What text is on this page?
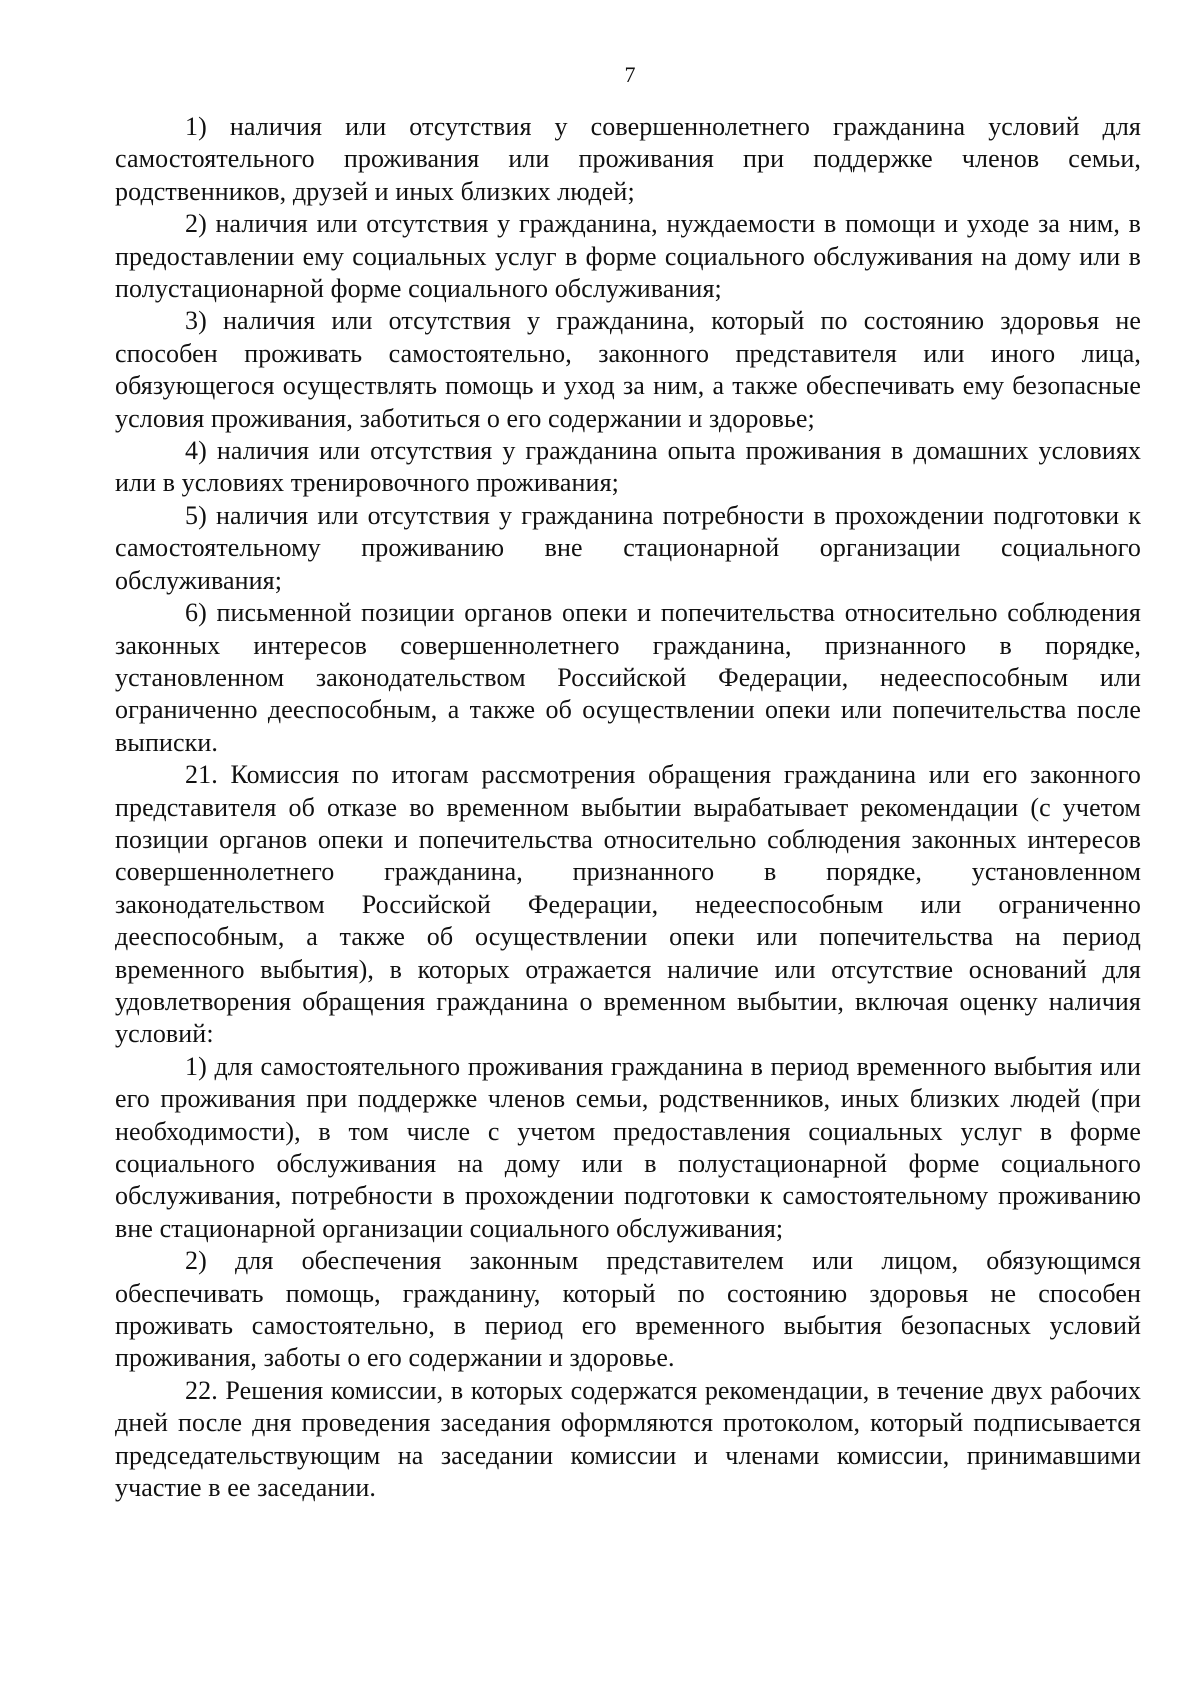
7

1) наличия или отсутствия у совершеннолетнего гражданина условий для самостоятельного проживания или проживания при поддержке членов семьи, родственников, друзей и иных близких людей;

2) наличия или отсутствия у гражданина, нуждаемости в помощи и уходе за ним, в предоставлении ему социальных услуг в форме социального обслуживания на дому или в полустационарной форме социального обслуживания;

3) наличия или отсутствия у гражданина, который по состоянию здоровья не способен проживать самостоятельно, законного представителя или иного лица, обязующегося осуществлять помощь и уход за ним, а также обеспечивать ему безопасные условия проживания, заботиться о его содержании и здоровье;

4) наличия или отсутствия у гражданина опыта проживания в домашних условиях или в условиях тренировочного проживания;

5) наличия или отсутствия у гражданина потребности в прохождении подготовки к самостоятельному проживанию вне стационарной организации социального обслуживания;

6) письменной позиции органов опеки и попечительства относительно соблюдения законных интересов совершеннолетнего гражданина, признанного в порядке, установленном законодательством Российской Федерации, недееспособным или ограниченно дееспособным, а также об осуществлении опеки или попечительства после выписки.

21. Комиссия по итогам рассмотрения обращения гражданина или его законного представителя об отказе во временном выбытии вырабатывает рекомендации (с учетом позиции органов опеки и попечительства относительно соблюдения законных интересов совершеннолетнего гражданина, признанного в порядке, установленном законодательством Российской Федерации, недееспособным или ограниченно дееспособным, а также об осуществлении опеки или попечительства на период временного выбытия), в которых отражается наличие или отсутствие оснований для удовлетворения обращения гражданина о временном выбытии, включая оценку наличия условий:

1) для самостоятельного проживания гражданина в период временного выбытия или его проживания при поддержке членов семьи, родственников, иных близких людей (при необходимости), в том числе с учетом предоставления социальных услуг в форме социального обслуживания на дому или в полустационарной форме социального обслуживания, потребности в прохождении подготовки к самостоятельному проживанию вне стационарной организации социального обслуживания;

2) для обеспечения законным представителем или лицом, обязующимся обеспечивать помощь, гражданину, который по состоянию здоровья не способен проживать самостоятельно, в период его временного выбытия безопасных условий проживания, заботы о его содержании и здоровье.

22. Решения комиссии, в которых содержатся рекомендации, в течение двух рабочих дней после дня проведения заседания оформляются протоколом, который подписывается председательствующим на заседании комиссии и членами комиссии, принимавшими участие в ее заседании.
